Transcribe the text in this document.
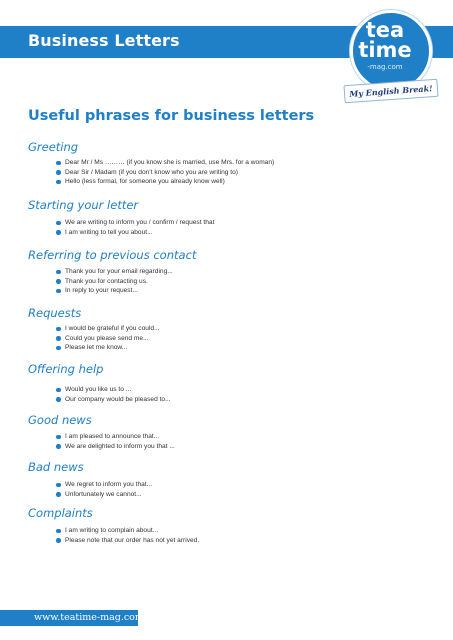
Business Letters	tea
time
-mag.com
My English Break!
Useful phrases for business letters
Greeting
Dear Mr / Ms ……… (if you know she is married, use Mrs. for a woman)
Dear Sir / Madam (if you don’t know who you are writing to)
Hello (less formal, for someone you already know well)
Starting your letter
We are writing to inform you / confirm / request that
I am writing to tell you about...
Referring to previous contact
Thank you for your email regarding...
Thank you for contacting us.
In reply to your request...
Requests
I would be grateful if you could...
Could you please send me...
Please let me know...
Offering help
Would you like us to ...
Our company would be pleased to...
Good news
I am pleased to announce that...
We are delighted to inform you that ...
Bad news
We regret to inform you that...
Unfortunately we cannot...
Complaints
I am writing to complain about...
Please note that our order has not yet arrived.
www.teatime-mag.com
